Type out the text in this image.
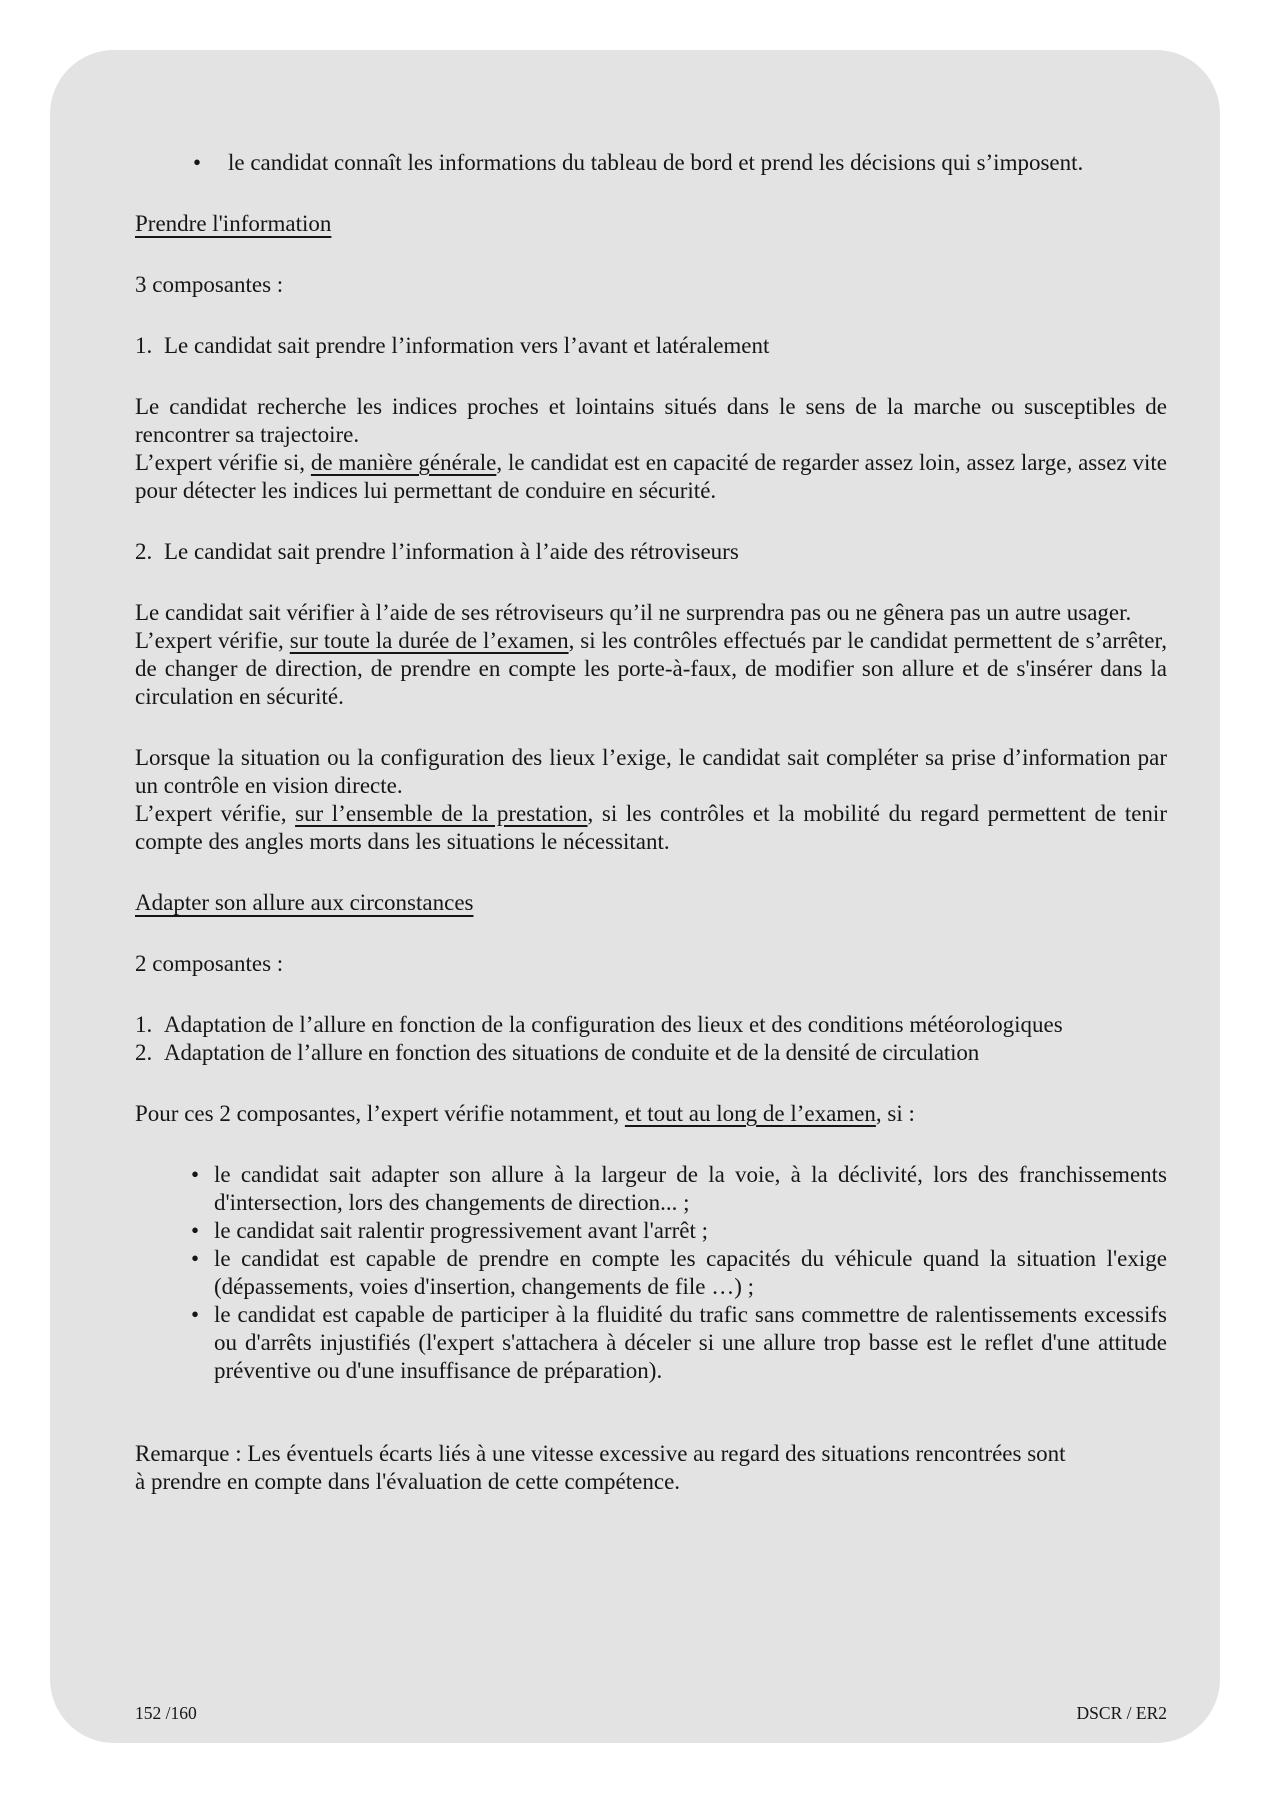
•	le candidat connaît les informations du tableau de bord et prend les décisions qui s’imposent.
Prendre l'information
3 composantes :
1. Le candidat sait prendre l’information vers l’avant et latéralement
Le candidat recherche les indices proches et lointains situés dans le sens de la marche ou susceptibles de rencontrer sa trajectoire.
L’expert vérifie si, de manière générale, le candidat est en capacité de regarder assez loin, assez large, assez vite pour détecter les indices lui permettant de conduire en sécurité.
2. Le candidat sait prendre l’information à l’aide des rétroviseurs
Le candidat sait vérifier à l’aide de ses rétroviseurs qu’il ne surprendra pas ou ne gênera pas un autre usager.
L’expert vérifie, sur toute la durée de l’examen, si les contrôles effectués par le candidat permettent de s’arrêter, de changer de direction, de prendre en compte les porte-à-faux, de modifier son allure et de s'insérer dans la circulation en sécurité.
Lorsque la situation ou la configuration des lieux l’exige, le candidat sait compléter sa prise d’information par un contrôle en vision directe.
L’expert vérifie, sur l’ensemble de la prestation, si les contrôles et la mobilité du regard permettent de tenir compte des angles morts dans les situations le nécessitant.
Adapter son allure aux circonstances
2 composantes :
1. Adaptation de l’allure en fonction de la configuration des lieux et des conditions météorologiques
2. Adaptation de l’allure en fonction des situations de conduite et de la densité de circulation
Pour ces 2 composantes, l’expert vérifie notamment, et tout au long de l’examen, si :
• le candidat sait adapter son allure à la largeur de la voie, à la déclivité, lors des franchissements d'intersection, lors des changements de direction... ;
• le candidat sait ralentir progressivement avant l'arrêt ;
• le candidat est capable de prendre en compte les capacités du véhicule quand la situation l'exige (dépassements, voies d'insertion, changements de file …) ;
• le candidat est capable de participer à la fluidité du trafic sans commettre de ralentissements excessifs ou d'arrêts injustifiés (l'expert s'attachera à déceler si une allure trop basse est le reflet d'une attitude préventive ou d'une insuffisance de préparation).
Remarque : Les éventuels écarts liés à une vitesse excessive au regard des situations rencontrées sont à prendre en compte dans l'évaluation de cette compétence.
152 /160	DSCR / ER2
